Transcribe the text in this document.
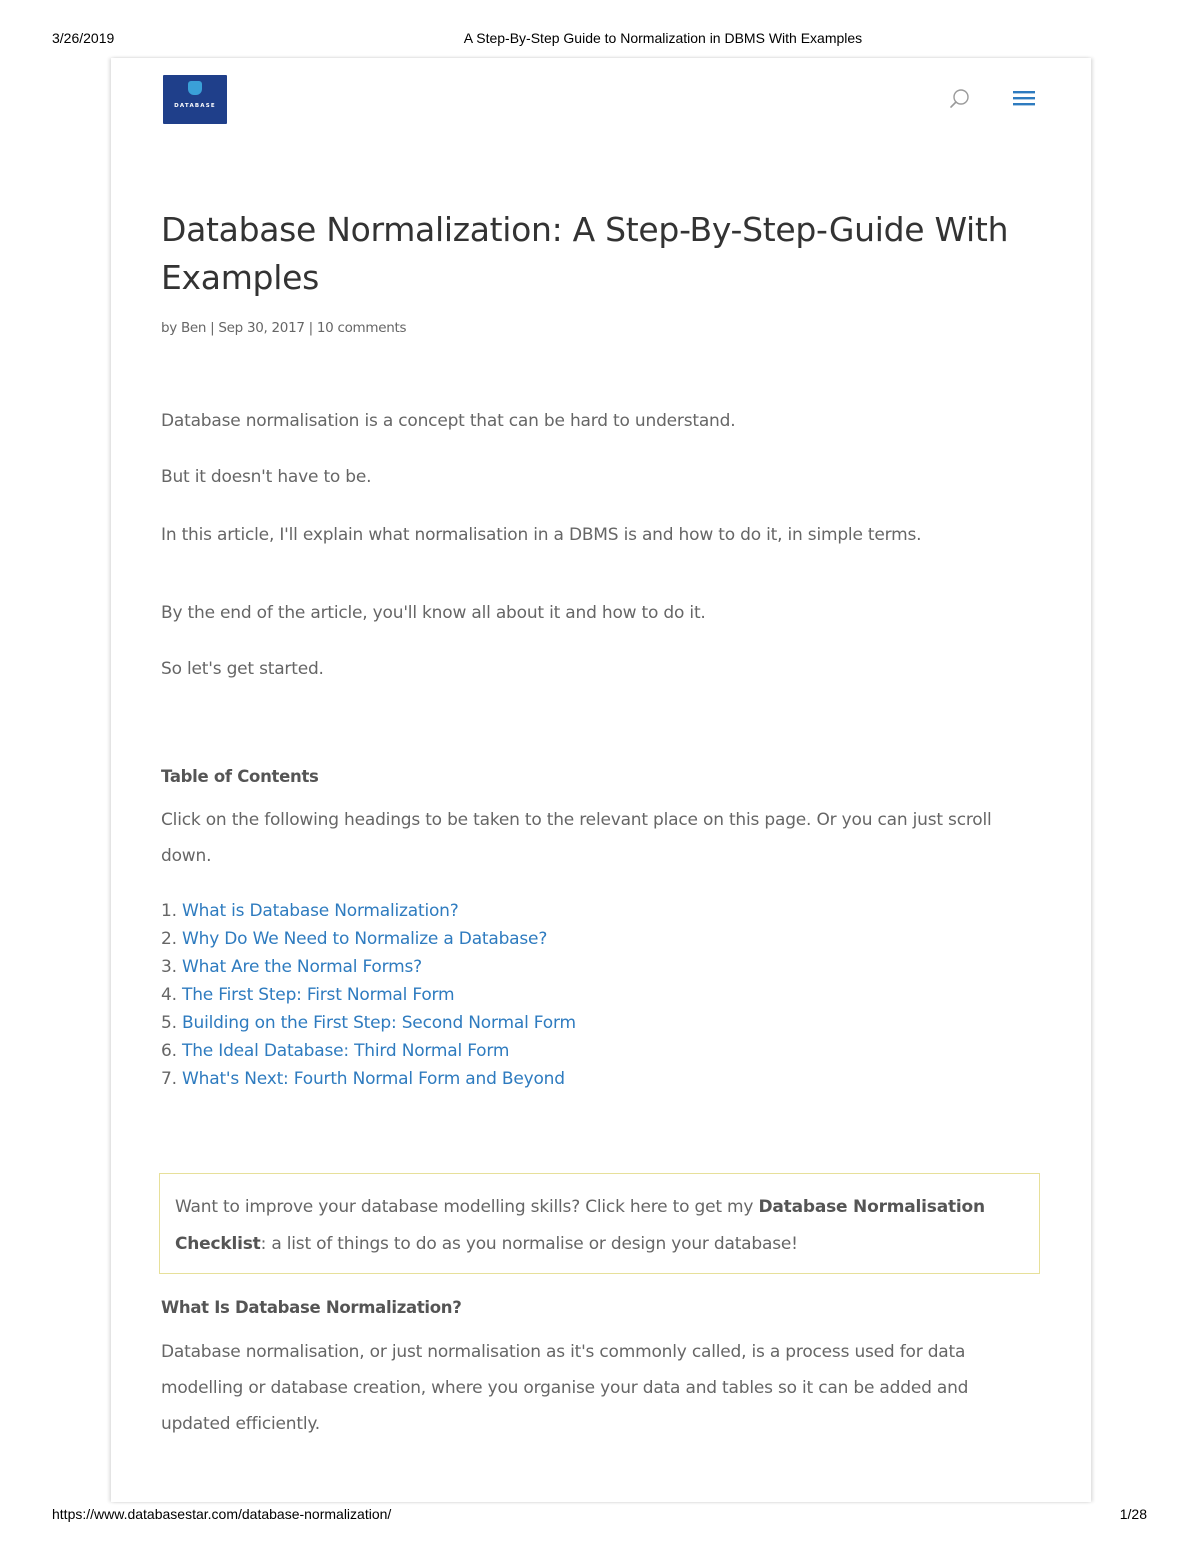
3/26/2019	A Step-By-Step Guide to Normalization in DBMS With Examples
DATABASE
Database Normalization: A Step-By-Step-Guide With Examples
by Ben | Sep 30, 2017 | 10 comments

Database normalisation is a concept that can be hard to understand.

But it doesn't have to be.

In this article, I'll explain what normalisation in a DBMS is and how to do it, in simple terms.

By the end of the article, you'll know all about it and how to do it.

So let's get started.

Table of Contents

Click on the following headings to be taken to the relevant place on this page. Or you can just scroll down.

1. What is Database Normalization?
2. Why Do We Need to Normalize a Database?
3. What Are the Normal Forms?
4. The First Step: First Normal Form
5. Building on the First Step: Second Normal Form
6. The Ideal Database: Third Normal Form
7. What's Next: Fourth Normal Form and Beyond

Want to improve your database modelling skills? Click here to get my Database Normalisation Checklist: a list of things to do as you normalise or design your database!

What Is Database Normalization?

Database normalisation, or just normalisation as it's commonly called, is a process used for data modelling or database creation, where you organise your data and tables so it can be added and updated efficiently.

https://www.databasestar.com/database-normalization/	1/28
